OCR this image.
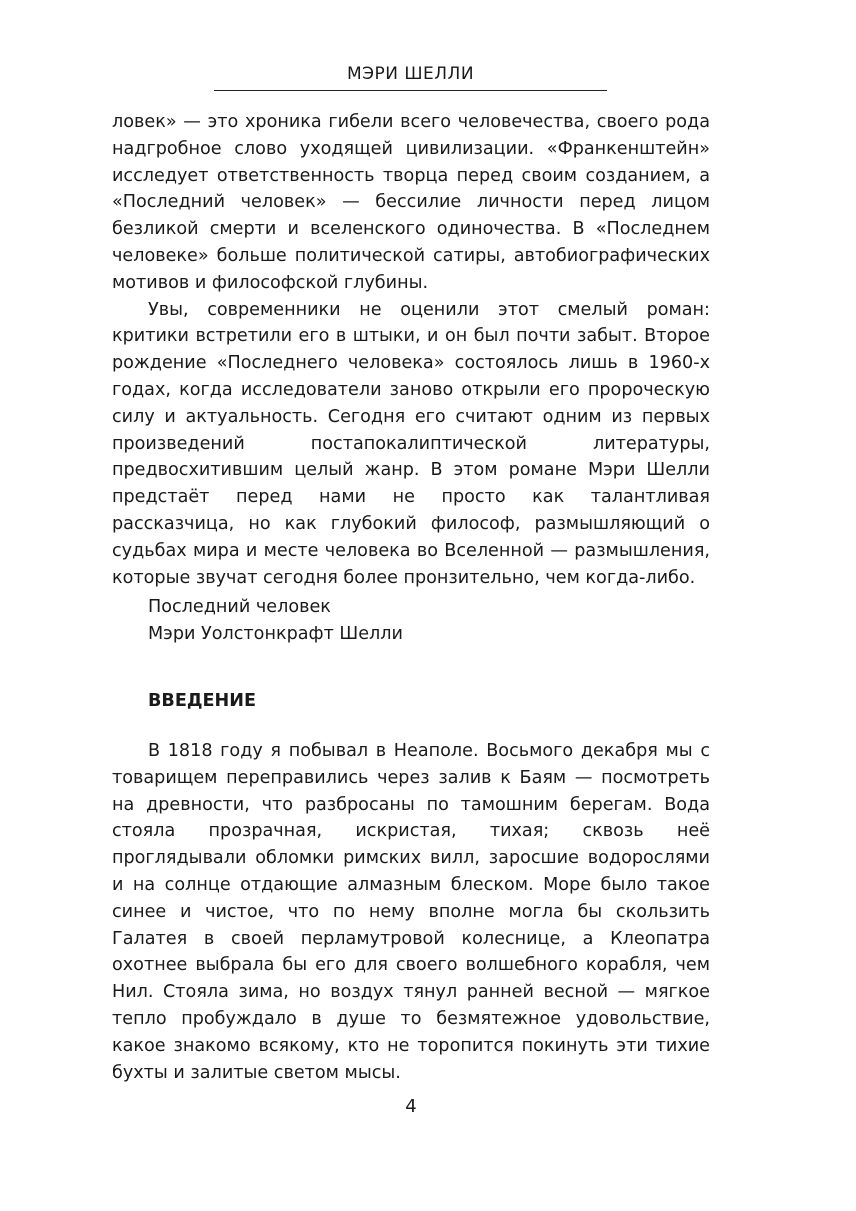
МЭРИ ШЕЛЛИ

ловек» — это хроника гибели всего человечества, своего рода надгробное слово уходящей цивилизации. «Франкенштейн» исследует ответственность творца перед своим созданием, а «Последний человек» — бессилие личности перед лицом безликой смерти и вселенского одиночества. В «Последнем человеке» больше политической сатиры, автобиографических мотивов и философской глубины.

Увы, современники не оценили этот смелый роман: критики встретили его в штыки, и он был почти забыт. Второе рождение «Последнего человека» состоялось лишь в 1960-х годах, когда исследователи заново открыли его пророческую силу и актуальность. Сегодня его считают одним из первых произведений постапокалиптической литературы, предвосхитившим целый жанр. В этом романе Мэри Шелли предстаёт перед нами не просто как талантливая рассказчица, но как глубокий философ, размышляющий о судьбах мира и месте человека во Вселенной — размышления, которые звучат сегодня более пронзительно, чем когда-либо.

Последний человек
Мэри Уолстонкрафт Шелли
ВВЕДЕНИЕ

В 1818 году я побывал в Неаполе. Восьмого декабря мы с товарищем переправились через залив к Баям — посмотреть на древности, что разбросаны по тамошним берегам. Вода стояла прозрачная, искристая, тихая; сквозь неё проглядывали обломки римских вилл, заросшие водорослями и на солнце отдающие алмазным блеском. Море было такое синее и чистое, что по нему вполне могла бы скользить Галатея в своей перламутровой колеснице, а Клеопатра охотнее выбрала бы его для своего волшебного корабля, чем Нил. Стояла зима, но воздух тянул ранней весной — мягкое тепло пробуждало в душе то безмятежное удовольствие, какое знакомо всякому, кто не торопится покинуть эти тихие бухты и залитые светом мысы.

4
